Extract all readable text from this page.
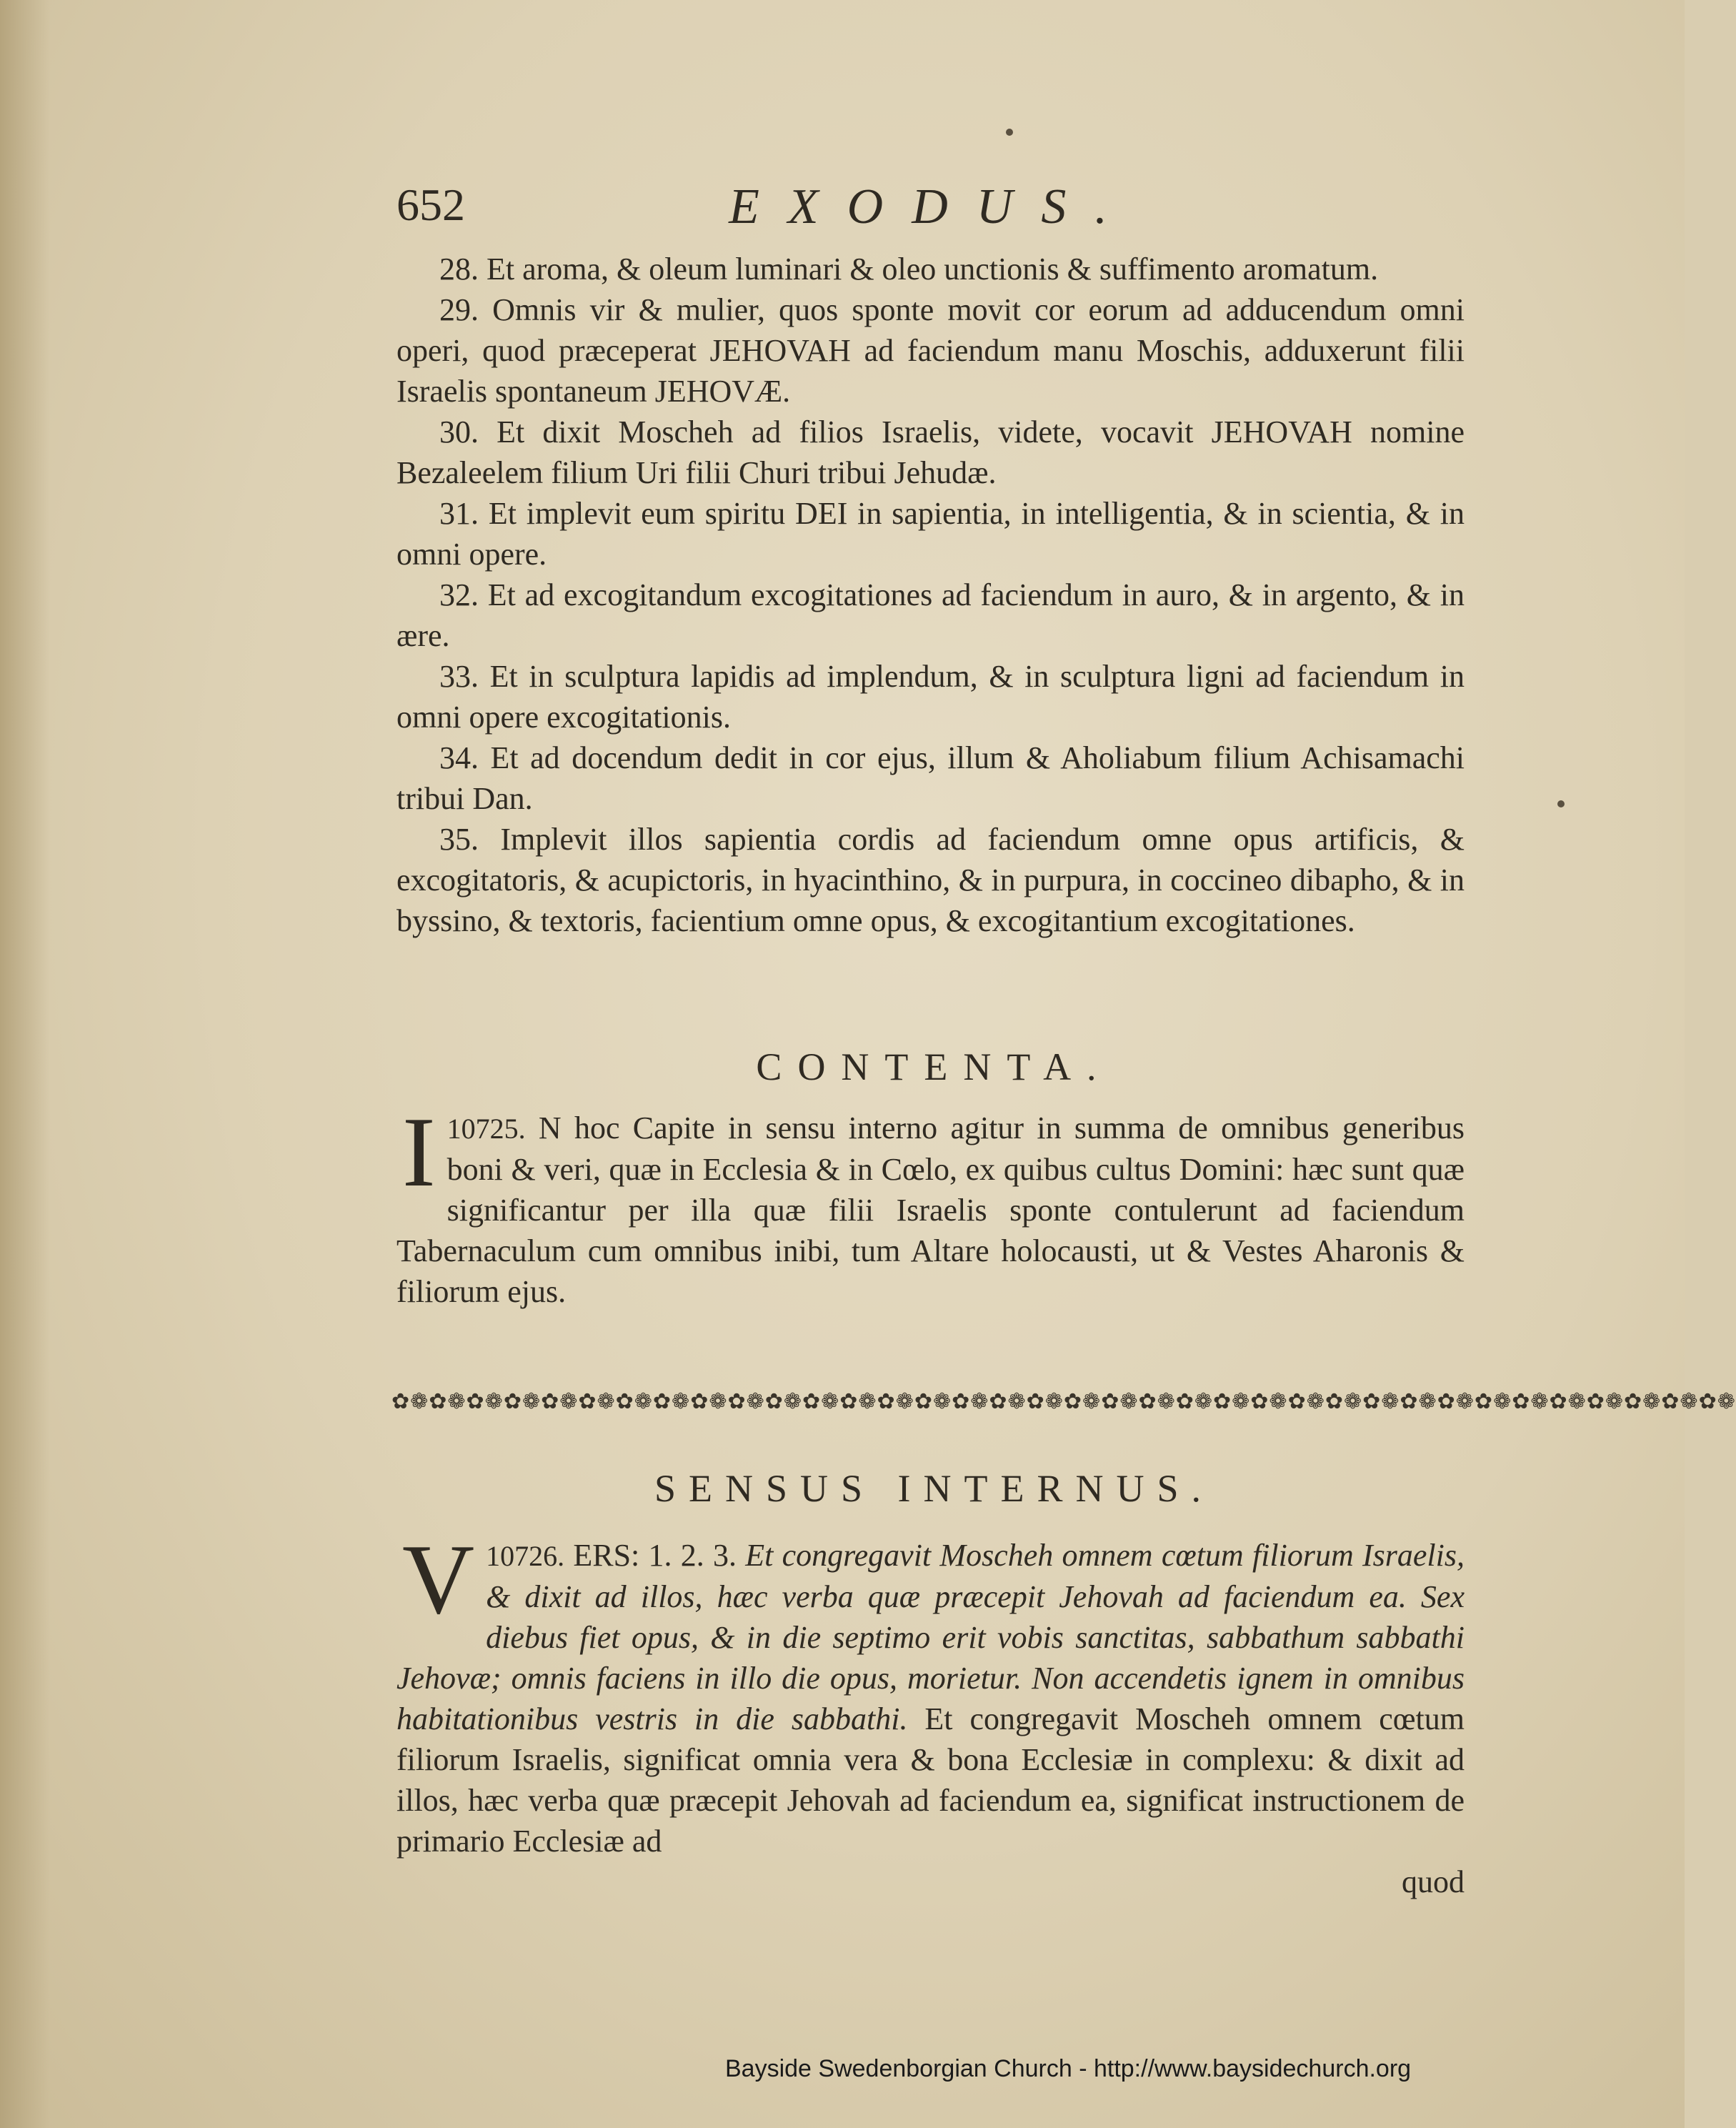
652	EXODUS.

28. Et aroma, & oleum luminari & oleo unctionis & suffimento aromatum.

29. Omnis vir & mulier, quos sponte movit cor eorum ad adducendum omni operi, quod præceperat JEHOVAH ad faciendum manu Moschis, adduxerunt filii Israelis spontaneum JEHOVÆ.

30. Et dixit Moscheh ad filios Israelis, videte, vocavit JEHOVAH nomine Bezaleelem filium Uri filii Churi tribui Jehudæ.

31. Et implevit eum spiritu DEI in sapientia, in intelligentia, & in scientia, & in omni opere.

32. Et ad excogitandum excogitationes ad faciendum in auro, & in argento, & in ære.

33. Et in sculptura lapidis ad implendum, & in sculptura ligni ad faciendum in omni opere excogitationis.

34. Et ad docendum dedit in cor ejus, illum & Aholiabum filium Achisamachi tribui Dan.

35. Implevit illos sapientia cordis ad faciendum omne opus artificis, & excogitatoris, & acupictoris, in hyacinthino, & in purpura, in coccineo dibapho, & in byssino, & textoris, facientium omne opus, & excogitantium excogitationes.

CONTENTA.

10725.
I	N hoc Capite in sensu interno agitur in summa de omnibus generibus boni & veri, quæ in Ecclesia & in Cœlo, ex quibus cultus Domini: hæc sunt quæ significantur per illa quæ filii Israelis sponte contulerunt ad faciendum Tabernaculum cum omnibus inibi, tum Altare holocausti, ut & Vestes Aharonis & filiorum ejus.

✿❁✿❁✿❁✿❁✿❁✿❁✿❁✿❁✿❁✿❁✿❁✿❁✿❁✿❁✿❁✿❁✿❁✿❁✿❁✿❁✿❁✿❁✿❁✿❁✿❁✿❁✿❁✿❁✿❁✿❁✿❁✿❁✿❁✿❁✿❁✿❁
SENSUS INTERNUS.

10726.
V	ERS: 1. 2. 3. Et congregavit Moscheh omnem cœtum filiorum Israelis, & dixit ad illos, hæc verba quæ præcepit Jehovah ad faciendum ea. Sex diebus fiet opus, & in die septimo erit vobis sanctitas, sabbathum sabbathi Jehovæ; omnis faciens in illo die opus, morietur. Non accendetis ignem in omnibus habitationibus vestris in die sabbathi. Et congregavit Moscheh omnem cœtum filiorum Israelis, significat omnia vera & bona Ecclesiæ in complexu: & dixit ad illos, hæc verba quæ præcepit Jehovah ad faciendum ea, significat instructionem de primario Ecclesiæ ad

quod

Bayside Swedenborgian Church - http://www.baysidechurch.org
